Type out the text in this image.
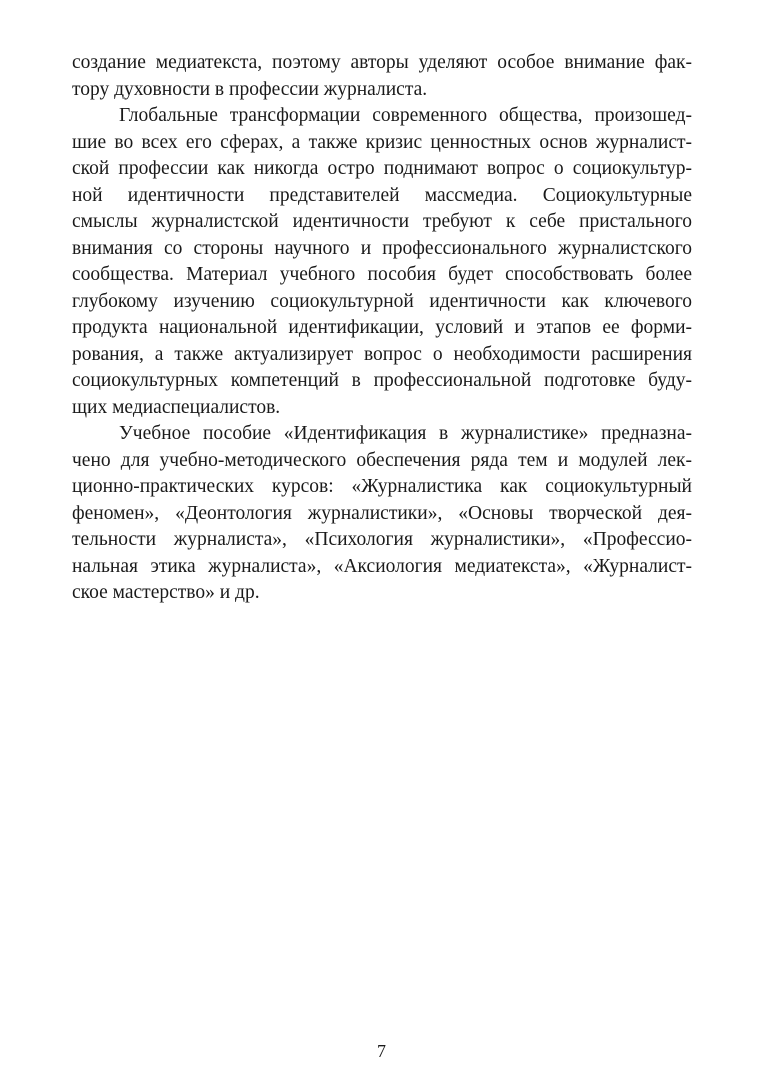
создание медиатекста, поэтому авторы уделяют особое внимание фак-
тору духовности в профессии журналиста.

Глобальные трансформации современного общества, произошед-
шие во всех его сферах, а также кризис ценностных основ журналист-
ской профессии как никогда остро поднимают вопрос о социокультур-
ной идентичности представителей массмедиа. Социокультурные
смыслы журналистской идентичности требуют к себе пристального
внимания со стороны научного и профессионального журналистского
сообщества. Материал учебного пособия будет способствовать более
глубокому изучению социокультурной идентичности как ключевого
продукта национальной идентификации, условий и этапов ее форми-
рования, а также актуализирует вопрос о необходимости расширения
социокультурных компетенций в профессиональной подготовке буду-
щих медиаспециалистов.

Учебное пособие «Идентификация в журналистике» предназна-
чено для учебно-методического обеспечения ряда тем и модулей лек-
ционно-практических курсов: «Журналистика как социокультурный
феномен», «Деонтология журналистики», «Основы творческой дея-
тельности журналиста», «Психология журналистики», «Профессио-
нальная этика журналиста», «Аксиология медиатекста», «Журналист-
ское мастерство» и др.

7
